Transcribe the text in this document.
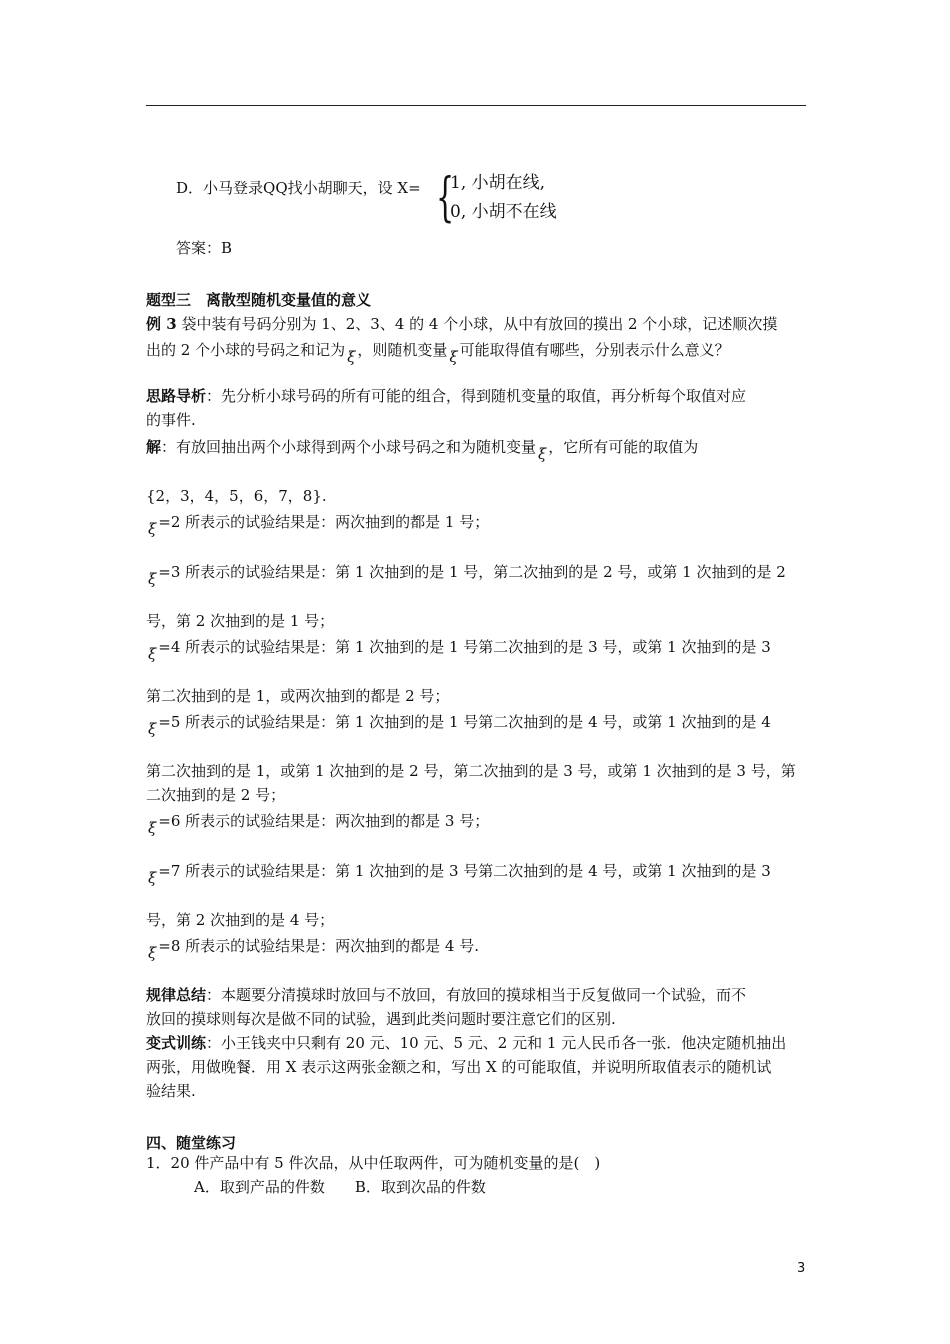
D．小马登录QQ找小胡聊天，设 X= {
1, 小胡在线,
0, 小胡不在线
答案：B
题型三　离散型随机变量值的意义
例 3 袋中装有号码分别为 1、2、3、4 的 4 个小球，从中有放回的摸出 2 个小球，记述顺次摸
出的 2 个小球的号码之和记为 ξ ，则随机变量 ξ 可能取得值有哪些，分别表示什么意义？
思路导析：先分析小球号码的所有可能的组合，得到随机变量的取值，再分析每个取值对应
的事件.
解：有放回抽出两个小球得到两个小球号码之和为随机变量 ξ ，它所有可能的取值为
{2，3，4，5，6，7，8}.
ξ =2 所表示的试验结果是：两次抽到的都是 1 号；
ξ =3 所表示的试验结果是：第 1 次抽到的是 1 号，第二次抽到的是 2 号，或第 1 次抽到的是 2
号，第 2 次抽到的是 1 号；
ξ =4 所表示的试验结果是：第 1 次抽到的是 1 号第二次抽到的是 3 号，或第 1 次抽到的是 3
第二次抽到的是 1，或两次抽到的都是 2 号；
ξ =5 所表示的试验结果是：第 1 次抽到的是 1 号第二次抽到的是 4 号，或第 1 次抽到的是 4
第二次抽到的是 1，或第 1 次抽到的是 2 号，第二次抽到的是 3 号，或第 1 次抽到的是 3 号，第
二次抽到的是 2 号；
ξ =6 所表示的试验结果是：两次抽到的都是 3 号；
ξ =7 所表示的试验结果是：第 1 次抽到的是 3 号第二次抽到的是 4 号，或第 1 次抽到的是 3
号，第 2 次抽到的是 4 号；
ξ =8 所表示的试验结果是：两次抽到的都是 4 号.
规律总结：本题要分清摸球时放回与不放回，有放回的摸球相当于反复做同一个试验，而不
放回的摸球则每次是做不同的试验，遇到此类问题时要注意它们的区别.
变式训练：小王钱夹中只剩有 20 元、10 元、5 元、2 元和 1 元人民币各一张．他决定随机抽出
两张，用做晚餐．用 X 表示这两张金额之和，写出 X 的可能取值，并说明所取值表示的随机试
验结果.
四、随堂练习
1．20 件产品中有 5 件次品，从中任取两件，可为随机变量的是(　)
A．取到产品的件数　　B．取到次品的件数
3
